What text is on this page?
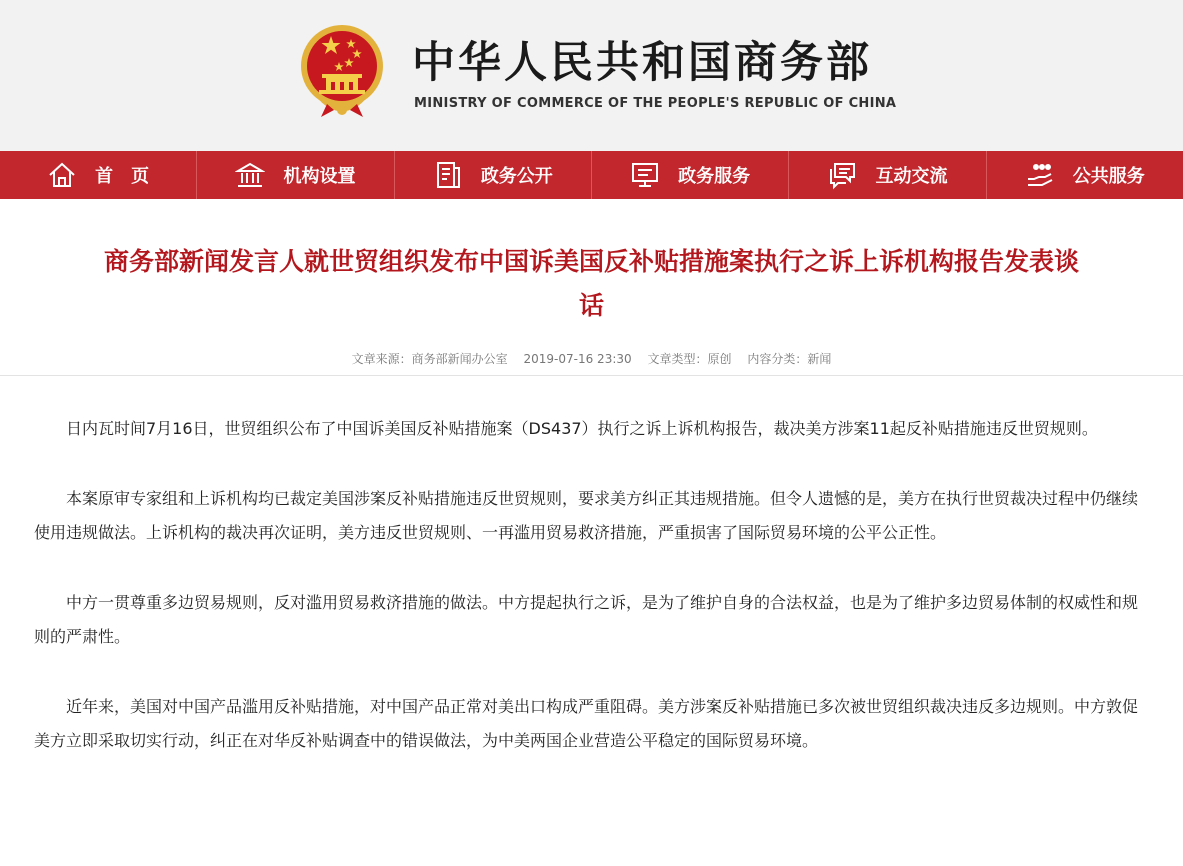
中华人民共和国商务部
MINISTRY OF COMMERCE OF THE PEOPLE'S REPUBLIC OF CHINA
首页	机构设置	政务公开	政务服务	互动交流	公共服务
商务部新闻发言人就世贸组织发布中国诉美国反补贴措施案执行之诉上诉机构报告发表谈
话
文章来源：商务部新闻办公室 2019-07-16 23:30 文章类型：原创 内容分类：新闻

日内瓦时间7月16日，世贸组织公布了中国诉美国反补贴措施案（DS437）执行之诉上诉机构报告，裁决美方涉案11起反补贴措施违反世贸规则。

本案原审专家组和上诉机构均已裁定美国涉案反补贴措施违反世贸规则，要求美方纠正其违规措施。但令人遗憾的是，美方在执行世贸裁决过程中仍继续使用违规做法。上诉机构的裁决再次证明，美方违反世贸规则、一再滥用贸易救济措施，严重损害了国际贸易环境的公平公正性。

中方一贯尊重多边贸易规则，反对滥用贸易救济措施的做法。中方提起执行之诉，是为了维护自身的合法权益，也是为了维护多边贸易体制的权威性和规则的严肃性。

近年来，美国对中国产品滥用反补贴措施，对中国产品正常对美出口构成严重阻碍。美方涉案反补贴措施已多次被世贸组织裁决违反多边规则。中方敦促美方立即采取切实行动，纠正在对华反补贴调查中的错误做法，为中美两国企业营造公平稳定的国际贸易环境。
